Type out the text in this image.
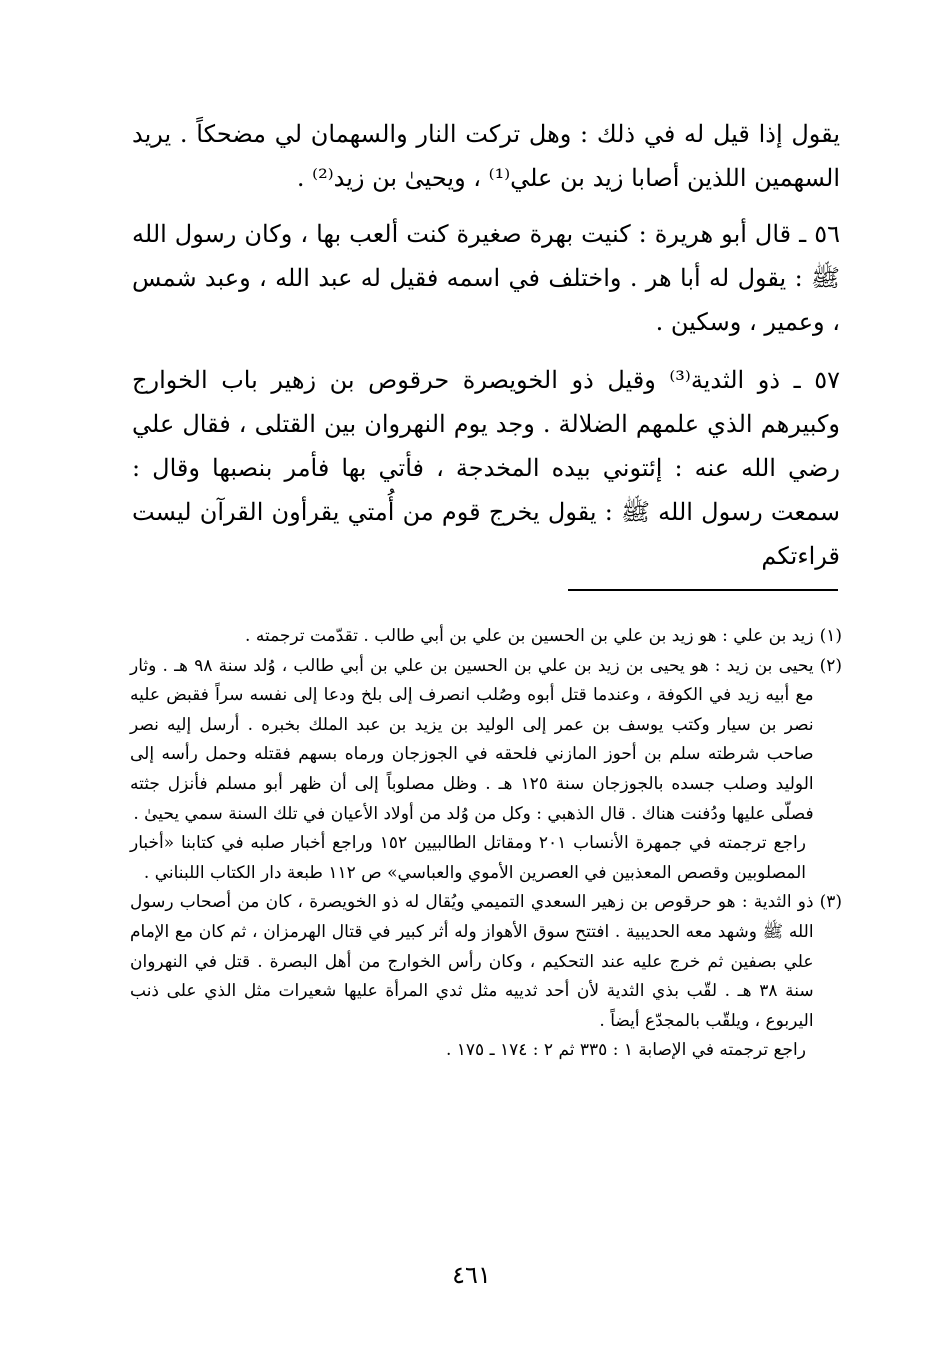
يقول إذا قيل له في ذلك : وهل تركت النار والسهمان لي مضحكاً . يريد السهمين اللذين أصابا زيد بن علي⁽¹⁾ ، ويحيىٰ بن زيد⁽²⁾ .

٥٦ ـ قال أبو هريرة : كنيت بهرة صغيرة كنت ألعب بها ، وكان رسول الله ﷺ : يقول له أبا هر . واختلف في اسمه فقيل له عبد الله ، وعبد شمس ، وعمير ، وسكين .

٥٧ ـ ذو الثدية⁽³⁾ وقيل ذو الخويصرة حرقوص بن زهير باب الخوارج وكبيرهم الذي علمهم الضلالة . وجد يوم النهروان بين القتلى ، فقال علي رضي الله عنه : إئتوني بيده المخدجة ، فأتي بها فأمر بنصبها وقال : سمعت رسول الله ﷺ : يقول يخرج قوم من أُمتي يقرأون القرآن ليست قراءتكم

(١)
زيد بن علي : هو زيد بن علي بن الحسين بن علي بن أبي طالب . تقدّمت ترجمته .
(٢)
يحيى بن زيد : هو يحيى بن زيد بن علي بن الحسين بن علي بن أبي طالب ، وُلد سنة ٩٨ هـ . وثار مع أبيه زيد في الكوفة ، وعندما قتل أبوه وصُلب انصرف إلى بلخ ودعا إلى نفسه سراً فقبض عليه نصر بن سيار وكتب يوسف بن عمر إلى الوليد بن يزيد بن عبد الملك بخبره . أرسل إليه نصر صاحب شرطته سلم بن أحوز المازني فلحقه في الجوزجان ورماه بسهم فقتله وحمل رأسه إلى الوليد وصلب جسده بالجوزجان سنة ١٢٥ هـ . وظل مصلوباً إلى أن ظهر أبو مسلم فأنزل جثته فصلّى عليها ودُفنت هناك . قال الذهبي : وكل من وُلد من أولاد الأعيان في تلك السنة سمي يحيىٰ .

راجع ترجمته في جمهرة الأنساب ٢٠١ ومقاتل الطالبيين ١٥٢ وراجع أخبار صلبه في كتابنا «أخبار المصلوبين وقصص المعذبين في العصرين الأموي والعباسي» ص ١١٢ طبعة دار الكتاب اللبناني .

(٣)
ذو الثدية : هو حرقوص بن زهير السعدي التميمي ويُقال له ذو الخويصرة ، كان من أصحاب رسول الله ﷺ وشهد معه الحديبية . افتتح سوق الأهواز وله أثر كبير في قتال الهرمزان ، ثم كان مع الإمام علي بصفين ثم خرج عليه عند التحكيم ، وكان رأس الخوارج من أهل البصرة . قتل في النهروان سنة ٣٨ هـ . لقّب بذي الثدية لأن أحد ثدييه مثل ثدي المرأة عليها شعيرات مثل الذي على ذنب اليربوع ، ويلقّب بالمجدّع أيضاً .

راجع ترجمته في الإصابة ١ : ٣٣٥ ثم ٢ : ١٧٤ ـ ١٧٥ .

٤٦١
